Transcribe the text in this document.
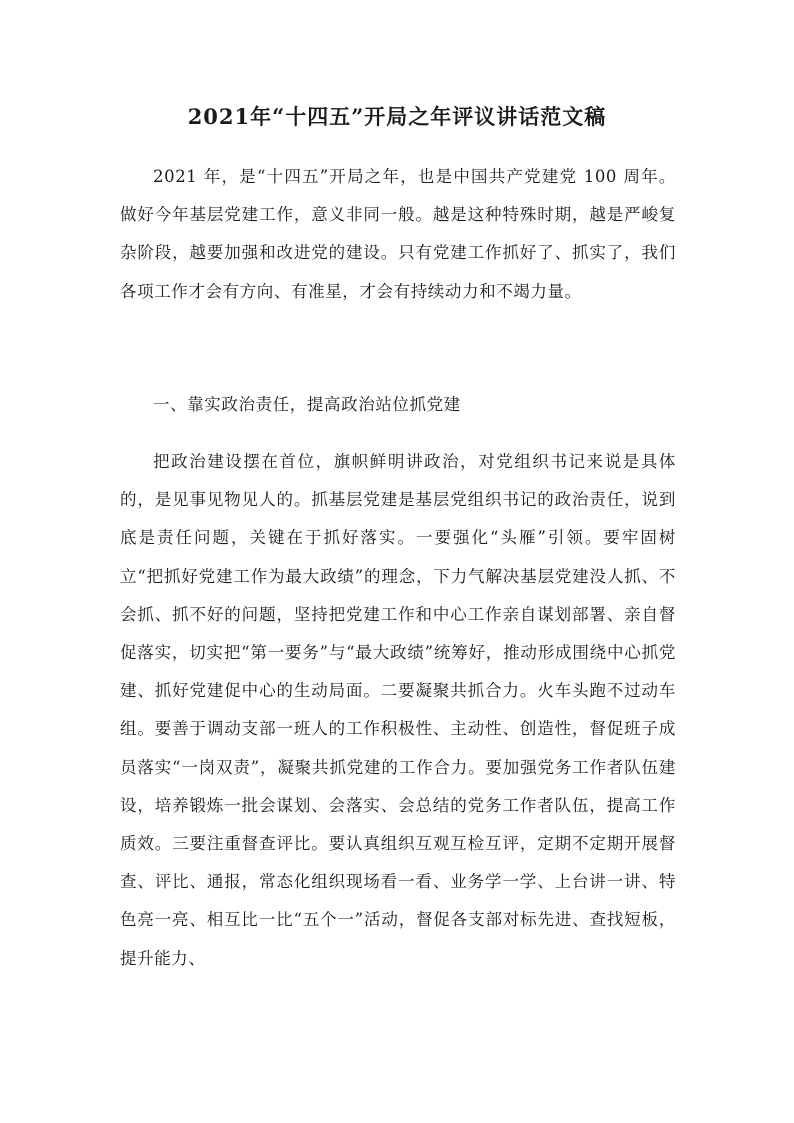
2021年“十四五”开局之年评议讲话范文稿

2021 年，是“十四五”开局之年，也是中国共产党建党 100 周年。做好今年基层党建工作，意义非同一般。越是这种特殊时期，越是严峻复杂阶段，越要加强和改进党的建设。只有党建工作抓好了、抓实了，我们各项工作才会有方向、有准星，才会有持续动力和不竭力量。

一、靠实政治责任，提高政治站位抓党建

把政治建设摆在首位，旗帜鲜明讲政治，对党组织书记来说是具体的，是见事见物见人的。抓基层党建是基层党组织书记的政治责任，说到底是责任问题，关键在于抓好落实。一要强化“头雁”引领。要牢固树立“把抓好党建工作为最大政绩”的理念，下力气解决基层党建没人抓、不会抓、抓不好的问题，坚持把党建工作和中心工作亲自谋划部署、亲自督促落实，切实把“第一要务”与“最大政绩”统筹好，推动形成围绕中心抓党建、抓好党建促中心的生动局面。二要凝聚共抓合力。火车头跑不过动车组。要善于调动支部一班人的工作积极性、主动性、创造性，督促班子成员落实“一岗双责”，凝聚共抓党建的工作合力。要加强党务工作者队伍建设，培养锻炼一批会谋划、会落实、会总结的党务工作者队伍，提高工作质效。三要注重督查评比。要认真组织互观互检互评，定期不定期开展督查、评比、通报，常态化组织现场看一看、业务学一学、上台讲一讲、特色亮一亮、相互比一比“五个一”活动，督促各支部对标先进、查找短板，提升能力、
